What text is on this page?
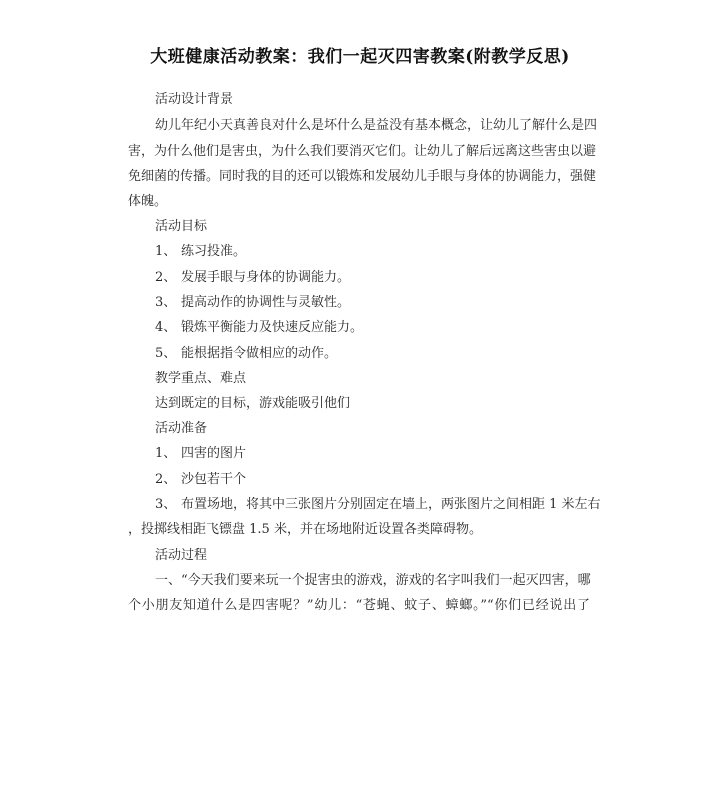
大班健康活动教案：我们一起灭四害教案(附教学反思)
活动设计背景
幼儿年纪小天真善良对什么是坏什么是益没有基本概念，让幼儿了解什么是四
害，为什么他们是害虫，为什么我们要消灭它们。让幼儿了解后远离这些害虫以避
免细菌的传播。同时我的目的还可以锻炼和发展幼儿手眼与身体的协调能力，强健
体魄。
活动目标
1、 练习投准。
2、 发展手眼与身体的协调能力。
3、 提高动作的协调性与灵敏性。
4、 锻炼平衡能力及快速反应能力。
5、 能根据指令做相应的动作。
教学重点、难点
达到既定的目标，游戏能吸引他们
活动准备
1、 四害的图片
2、 沙包若干个
3、 布置场地，将其中三张图片分别固定在墙上，两张图片之间相距 1 米左右
，投掷线相距飞镖盘 1.5 米，并在场地附近设置各类障碍物。
活动过程
一、“今天我们要来玩一个捉害虫的游戏，游戏的名字叫我们一起灭四害，哪
个小朋友知道什么是四害呢？”幼儿：“苍蝇、蚊子、蟑螂。”“你们已经说出了
